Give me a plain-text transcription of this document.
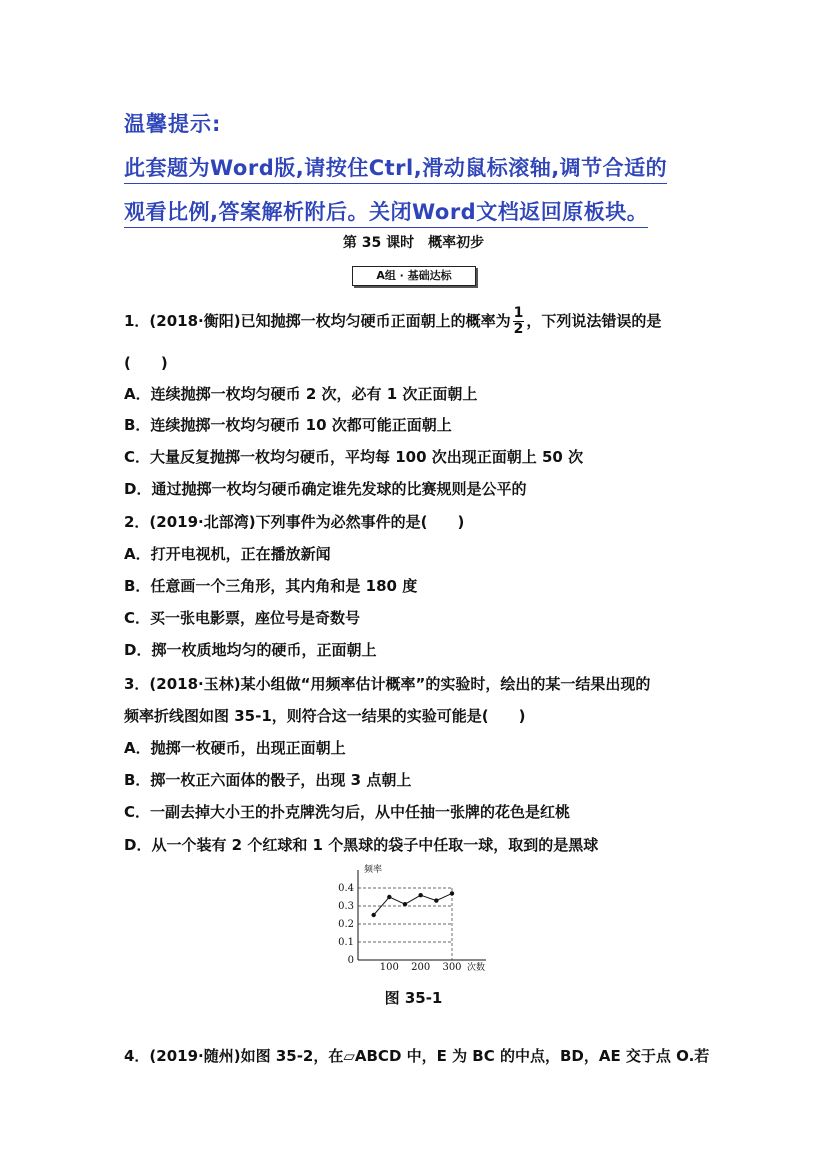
温馨提示:
此套题为Word版,请按住Ctrl,滑动鼠标滚轴,调节合适的
观看比例,答案解析附后。关闭Word文档返回原板块。
第 35 课时　概率初步
A组 · 基础达标
1．(2018·衡阳)已知抛掷一枚均匀硬币正面朝上的概率为 $\frac{1}{2}$ ，下列说法错误的是
(　　)
A．连续抛掷一枚均匀硬币 2 次，必有 1 次正面朝上
B．连续抛掷一枚均匀硬币 10 次都可能正面朝上
C．大量反复抛掷一枚均匀硬币，平均每 100 次出现正面朝上 50 次
D．通过抛掷一枚均匀硬币确定谁先发球的比赛规则是公平的
2．(2019·北部湾)下列事件为必然事件的是(　　)
A．打开电视机，正在播放新闻
B．任意画一个三角形，其内角和是 180 度
C．买一张电影票，座位号是奇数号
D．掷一枚质地均匀的硬币，正面朝上
3．(2018·玉林)某小组做“用频率估计概率”的实验时，绘出的某一结果出现的
频率折线图如图 35-1，则符合这一结果的实验可能是(　　)
A．抛掷一枚硬币，出现正面朝上
B．掷一枚正六面体的骰子，出现 3 点朝上
C．一副去掉大小王的扑克牌洗匀后，从中任抽一张牌的花色是红桃
D．从一个装有 2 个红球和 1 个黑球的袋子中任取一球，取到的是黑球
频率
0
0.1
0.2
0.3
0.4
100 200 300 次数
图 35-1
4．(2019·随州)如图 35-2，在▱ABCD 中，E 为 BC 的中点，BD，AE 交于点 O.若
